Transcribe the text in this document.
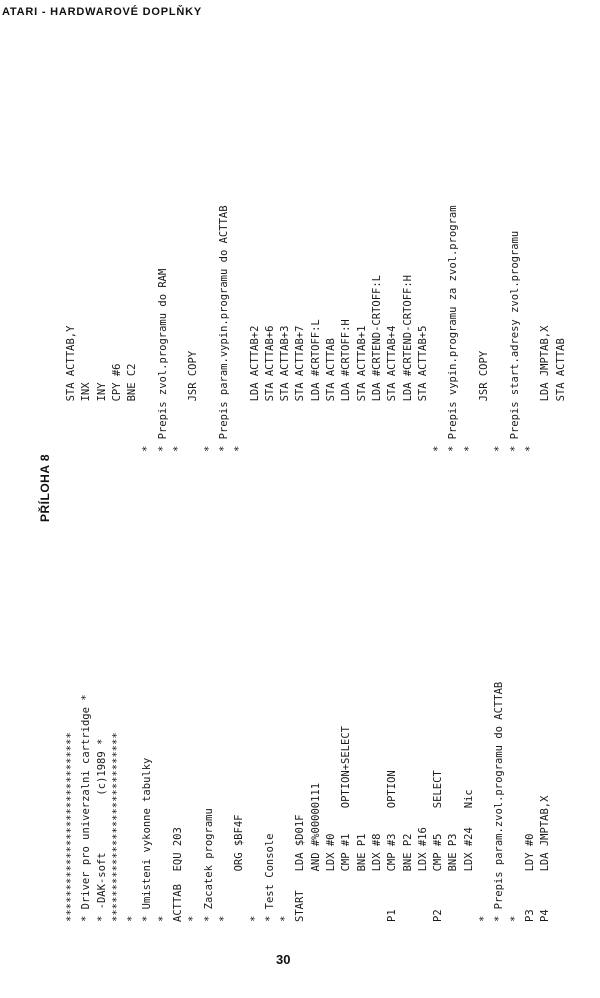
ATARI - HARDWAROVÉ DOPLŇKY
PŘÍLOHA 8
****************************** * Driver pro univerzalni cartridge * * -DAK-soft         (c)1989 * ****************************** * * Umisteni vykonne tabulky * ACTTAB  EQU 203 * * Zacatek programu * ORG $BF4F * * Test Console * START   LDA $D01F AND #%00000111 LDX #0 CMP #1    OPTION+SELECT BNE P1 LDX #8 P1      CMP #3    OPTION BNE P2 LDX #16 P2      CMP #5    SELECT BNE P3 LDX #24   Nic * * Prepis param.zvol.programu do ACTTAB * P3      LDY #0 P4      LDA JMPTAB,X
STA ACTTAB,Y INX INY CPY #6 BNE C2 * * Prepis zvol.programu do RAM * JSR COPY * * Prepis param.vypin.programu do ACTTAB * LDA ACTTAB+2 STA ACTTAB+6 STA ACTTAB+3 STA ACTTAB+7 LDA #CRTOFF:L STA ACTTAB LDA #CRTOFF:H STA ACTTAB+1 LDA #CRTEND-CRTOFF:L STA ACTTAB+4 LDA #CRTEND-CRTOFF:H STA ACTTAB+5 * * Prepis vypin.programu za zvol.program * JSR COPY * * Prepis start.adresy zvol.programu * LDA JMPTAB,X STA ACTTAB
30
